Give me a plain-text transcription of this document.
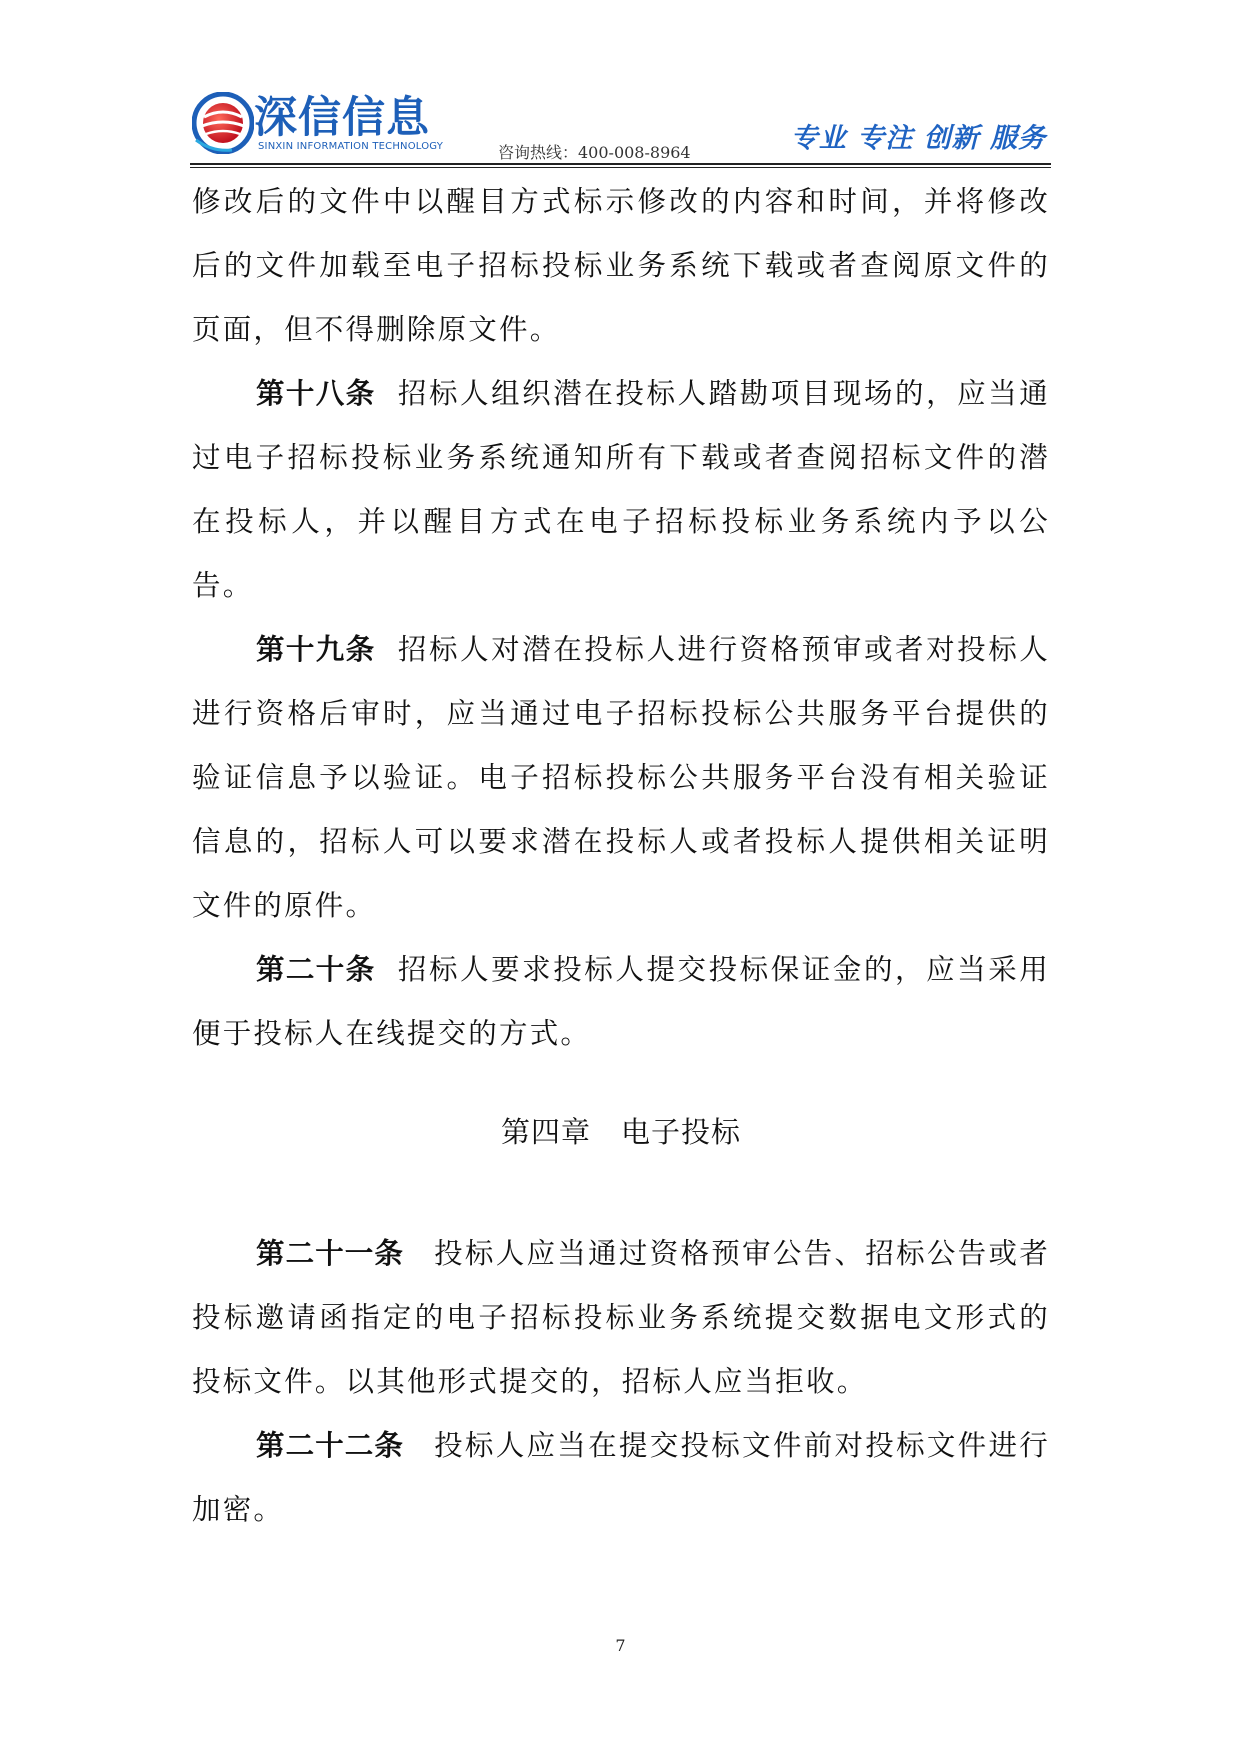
深信信息
SINXIN INFORMATION TECHNOLOGY	咨询热线：400-008-8964	专业 专注 创新 服务

修改后的文件中以醒目方式标示修改的内容和时间，并将修改后的文件加载至电子招标投标业务系统下载或者查阅原文件的页面，但不得删除原文件。

第十八条 招标人组织潜在投标人踏勘项目现场的，应当通过电子招标投标业务系统通知所有下载或者查阅招标文件的潜在投标人，并以醒目方式在电子招标投标业务系统内予以公告。

第十九条 招标人对潜在投标人进行资格预审或者对投标人进行资格后审时，应当通过电子招标投标公共服务平台提供的验证信息予以验证。电子招标投标公共服务平台没有相关验证信息的，招标人可以要求潜在投标人或者投标人提供相关证明文件的原件。

第二十条 招标人要求投标人提交投标保证金的，应当采用便于投标人在线提交的方式。

第四章　电子投标

第二十一条 投标人应当通过资格预审公告、招标公告或者投标邀请函指定的电子招标投标业务系统提交数据电文形式的投标文件。以其他形式提交的，招标人应当拒收。

第二十二条 投标人应当在提交投标文件前对投标文件进行加密。

7
